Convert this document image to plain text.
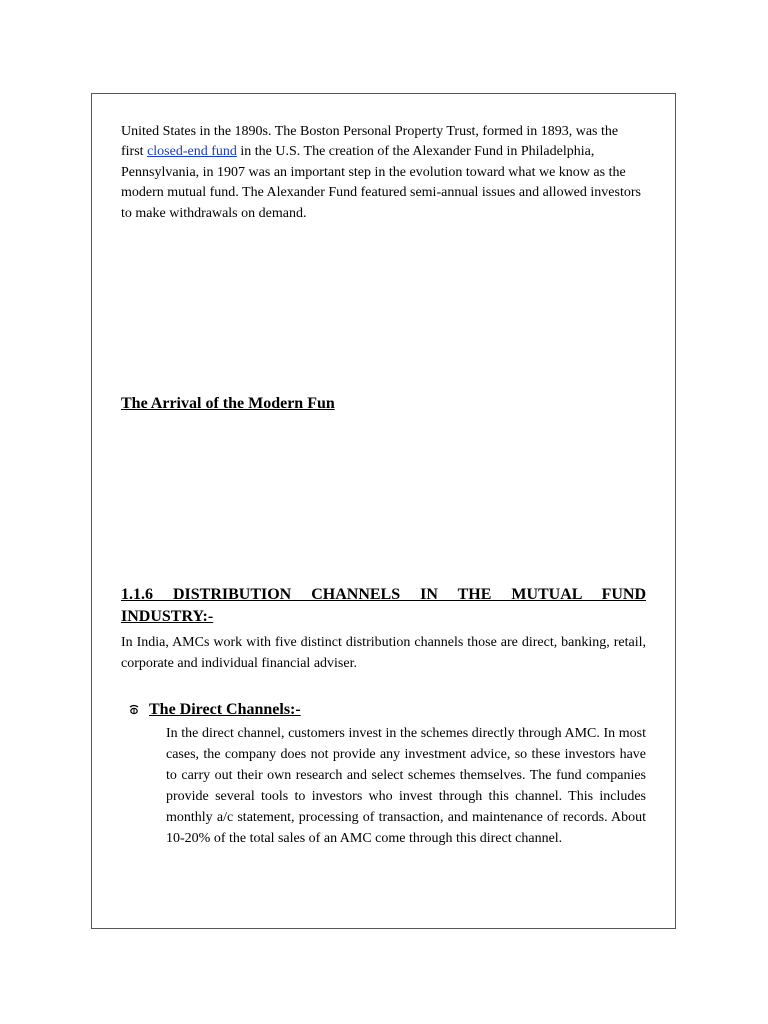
United States in the 1890s. The Boston Personal Property Trust, formed in 1893, was the first closed-end fund in the U.S. The creation of the Alexander Fund in Philadelphia, Pennsylvania, in 1907 was an important step in the evolution toward what we know as the modern mutual fund. The Alexander Fund featured semi-annual issues and allowed investors to make withdrawals on demand.

The Arrival of the Modern Fun
1.1.6 DISTRIBUTION CHANNELS IN THE MUTUAL FUND INDUSTRY:-

In India, AMCs work with five distinct distribution channels those are direct, banking, retail, corporate and individual financial adviser.

The Direct Channels:-

In the direct channel, customers invest in the schemes directly through AMC. In most cases, the company does not provide any investment advice, so these investors have to carry out their own research and select schemes themselves. The fund companies provide several tools to investors who invest through this channel. This includes monthly a/c statement, processing of transaction, and maintenance of records. About 10-20% of the total sales of an AMC come through this direct channel.
